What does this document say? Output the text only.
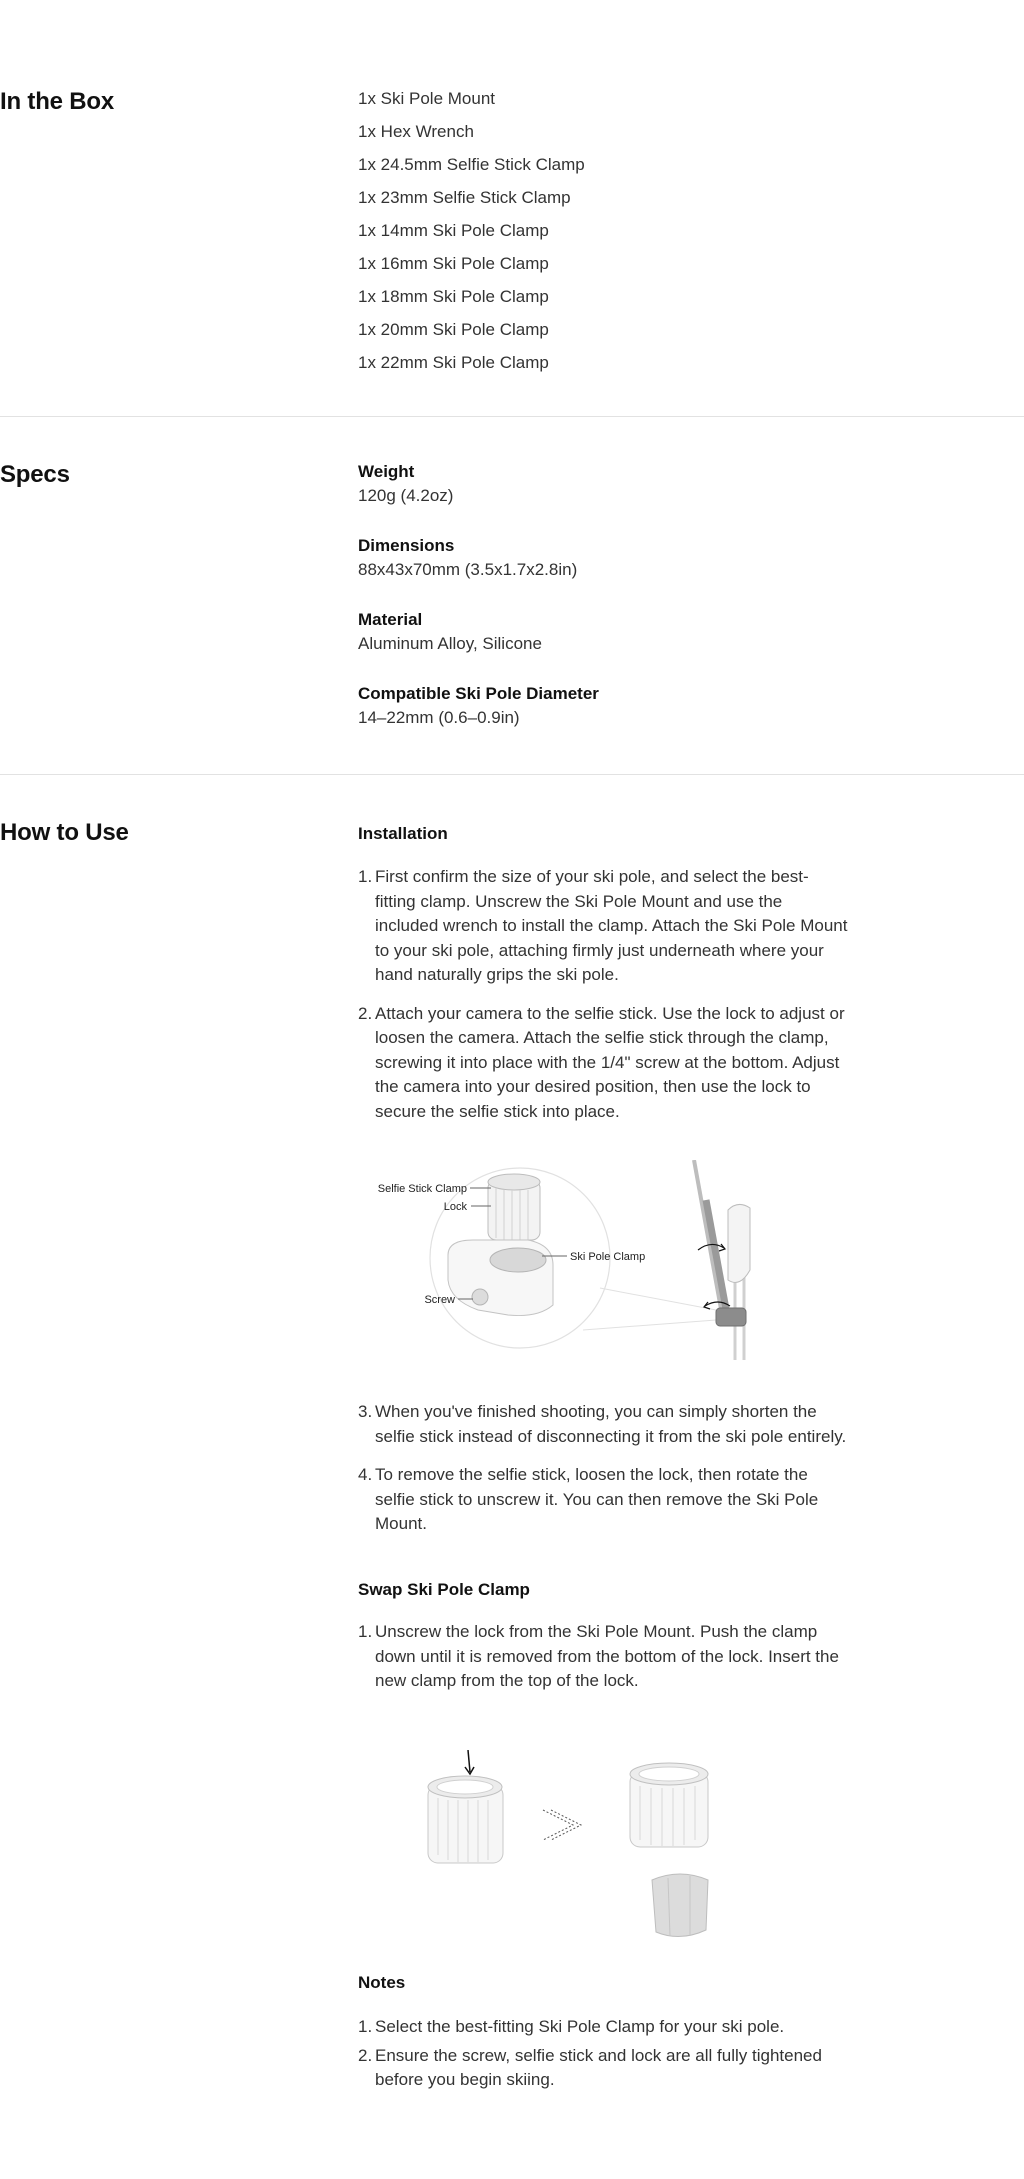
In the Box	1x Ski Pole Mount
1x Hex Wrench
1x 24.5mm Selfie Stick Clamp
1x 23mm Selfie Stick Clamp
1x 14mm Ski Pole Clamp
1x 16mm Ski Pole Clamp
1x 18mm Ski Pole Clamp
1x 20mm Ski Pole Clamp
1x 22mm Ski Pole Clamp
Specs	Weight
120g (4.2oz)
Dimensions
88x43x70mm (3.5x1.7x2.8in)
Material
Aluminum Alloy, Silicone
Compatible Ski Pole Diameter
14–22mm (0.6–0.9in)
How to Use	Installation
1. First confirm the size of your ski pole, and select the best-fitting clamp. Unscrew the Ski Pole Mount and use the included wrench to install the clamp. Attach the Ski Pole Mount to your ski pole, attaching firmly just underneath where your hand naturally grips the ski pole.
2. Attach your camera to the selfie stick. Use the lock to adjust or loosen the camera. Attach the selfie stick through the clamp, screwing it into place with the 1/4" screw at the bottom. Adjust the camera into your desired position, then use the lock to secure the selfie stick into place.
Selfie Stick Clamp
Lock
Ski Pole Clamp
Screw
3. When you've finished shooting, you can simply shorten the selfie stick instead of disconnecting it from the ski pole entirely.
4. To remove the selfie stick, loosen the lock, then rotate the selfie stick to unscrew it. You can then remove the Ski Pole Mount.
Swap Ski Pole Clamp
1. Unscrew the lock from the Ski Pole Mount. Push the clamp down until it is removed from the bottom of the lock. Insert the new clamp from the top of the lock.
Notes
1. Select the best-fitting Ski Pole Clamp for your ski pole.
2. Ensure the screw, selfie stick and lock are all fully tightened before you begin skiing.
